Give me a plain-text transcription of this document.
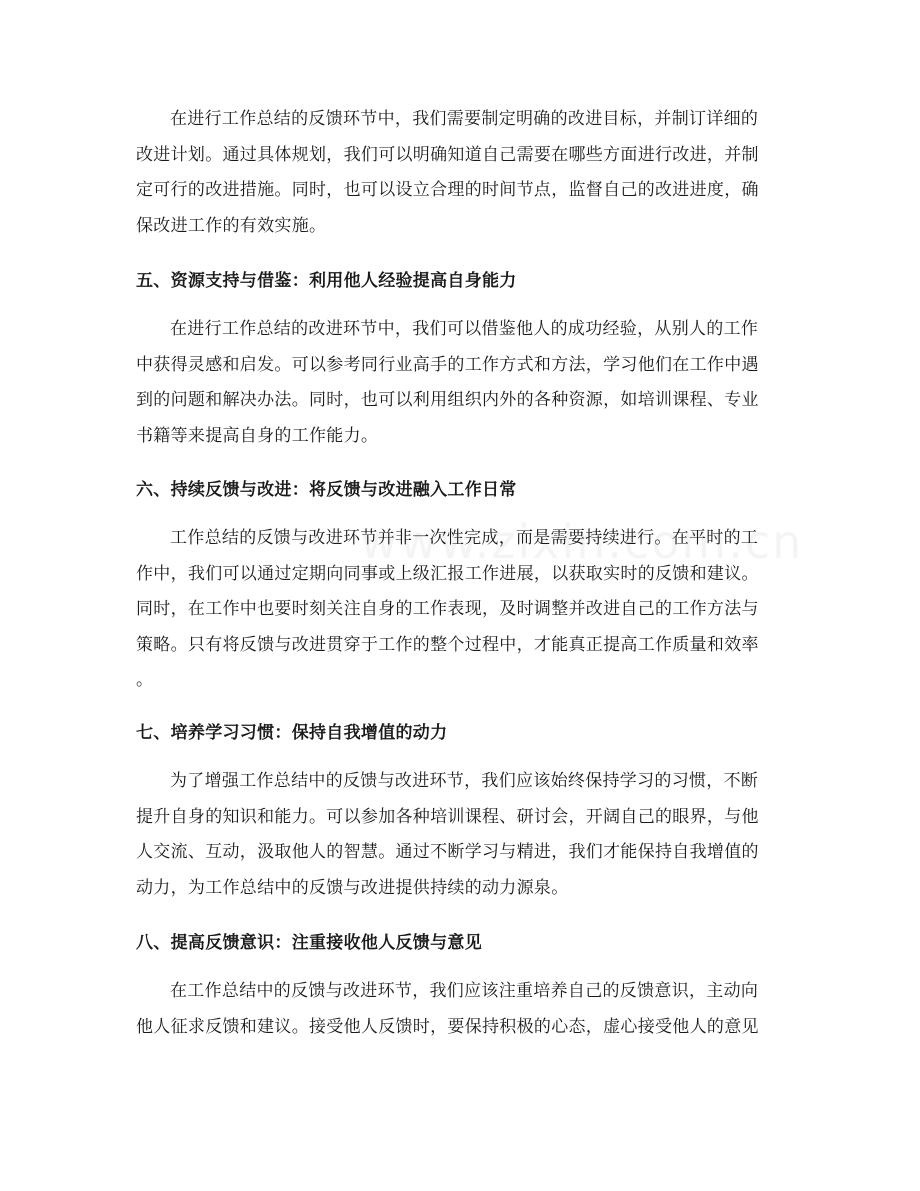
在进行工作总结的反馈环节中，我们需要制定明确的改进目标，并制订详细的
改进计划。通过具体规划，我们可以明确知道自己需要在哪些方面进行改进，并制
定可行的改进措施。同时，也可以设立合理的时间节点，监督自己的改进进度，确
保改进工作的有效实施。

五、资源支持与借鉴：利用他人经验提高自身能力

在进行工作总结的改进环节中，我们可以借鉴他人的成功经验，从别人的工作
中获得灵感和启发。可以参考同行业高手的工作方式和方法，学习他们在工作中遇
到的问题和解决办法。同时，也可以利用组织内外的各种资源，如培训课程、专业
书籍等来提高自身的工作能力。

六、持续反馈与改进：将反馈与改进融入工作日常

工作总结的反馈与改进环节并非一次性完成，而是需要持续进行。在平时的工
作中，我们可以通过定期向同事或上级汇报工作进展，以获取实时的反馈和建议。
同时，在工作中也要时刻关注自身的工作表现，及时调整并改进自己的工作方法与
策略。只有将反馈与改进贯穿于工作的整个过程中，才能真正提高工作质量和效率
。

七、培养学习习惯：保持自我增值的动力

为了增强工作总结中的反馈与改进环节，我们应该始终保持学习的习惯，不断
提升自身的知识和能力。可以参加各种培训课程、研讨会，开阔自己的眼界，与他
人交流、互动，汲取他人的智慧。通过不断学习与精进，我们才能保持自我增值的
动力，为工作总结中的反馈与改进提供持续的动力源泉。

八、提高反馈意识：注重接收他人反馈与意见

在工作总结中的反馈与改进环节，我们应该注重培养自己的反馈意识，主动向
他人征求反馈和建议。接受他人反馈时，要保持积极的心态，虚心接受他人的意见
